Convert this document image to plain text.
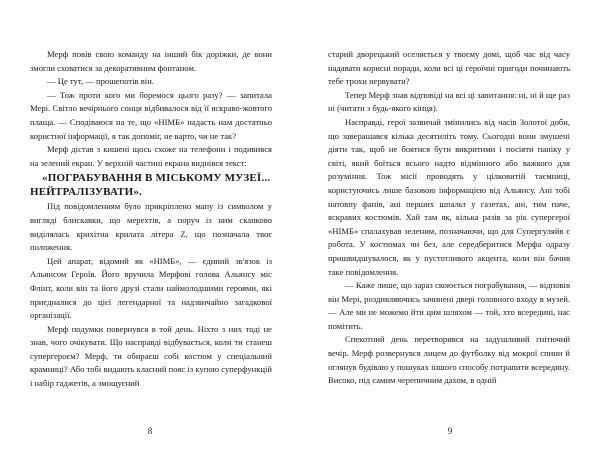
Мерф повів свою команду на інший бік доріжки, де вони змогли сховатися за декоративним фонтаном.

— Це тут, — прошепотів він.

— Тож проти кого ми боремося цього разу? — запитала Мері. Світло вечірнього сонця відбивалося від її яскраво-жовтого плаща. — Сподіваюся на те, що «НІМБ» надасть нам достатньо користної інформації, я так допоміг, не варто, чи не так?

Мерф дістав з кишені щось схоже на телефони і подивився на зелений екран. У верхній частині екрана виднівся текст:

«ПОГРАБУВАННЯ В МІСЬКОМУ МУЗЕЇ...
НЕЙТРАЛІЗУВАТИ».

Під повідомленням було прикріплено мапу із символом у вигляді блискавки, що мерехтів, а поруч із ним сканково виділялась крихітна крилата літера Z, що позначала твоє положення.

Цей апарат, відомий як «НІМБ», — єдиний зв'язок із Альянсом Героїв. Його вручила Мерфові голова Альянсу міс Флінт, коли він та його друзі стали наймолодшими героями, які приєдналися до цієї легендарної та надзвичайно загадкової організації.

Мерф подумки повернувся в той день. Ніхто з них тоді не знав, чого очікувати. Що насправді відбувається, коли ти станеш супергероєм? Мерф, ти обираєш собі костюм у спеціальний крамниці? Або тобі видають класний пояс із купою суперфункцій і набір гаджетів, а змощуєний

8

старий дворецький оселяється у твоєму домі, щоб час від часу надавати корисні поради, коли всі ці героїчні пригоди починають тебе трохи нервувати?

Тепер Мерф знав відповіді на всі ці запитання: ні, ні й ще раз ні (читати з будь-якого кінця).

Насправді, герої зазвичай змінились від часів Золотої доби, що заверашався кілька десятиліть тому. Сьогодні вони змушені діяти так, щоб не боятися бути викритими і посіяти паніку у світі, який боїться всього надто відмінного або важкого для розуміння. Тож місії проводять у цілковитій таємниці, користуючись лише базовою інформацією від Альянсу. Ані тобі натовпу фанів, ані перших шпальт у газетах, ані, тим паче, яскравих костюмів. Хай там як, кілька разів за рік супергерої «НІМБ» спалахував зеленим, позначаючи, що для Супергуляйв є робота. У костюмах чи без, але середберитися Мерфа одразу пришвидшувалося, як у пустотливого акцента, коли він бачив таке повідомлення.

— Каже лише, що зараз скоюється пограбування, — відповів він Мері, роздивляючись зачинені двері головного входу в музей. — Але ми не можемо йти цим шляхом — той, хто всередині, нас помітить.

Спекотний день перетворився на задушливий гнітючий вечір. Мерф розвернувся лицем до футболку від мокрої спини й оглянув будівлю у пошуках іншого способу потрапити всередину. Високо, під самим черепичним дахом, в одній

9
